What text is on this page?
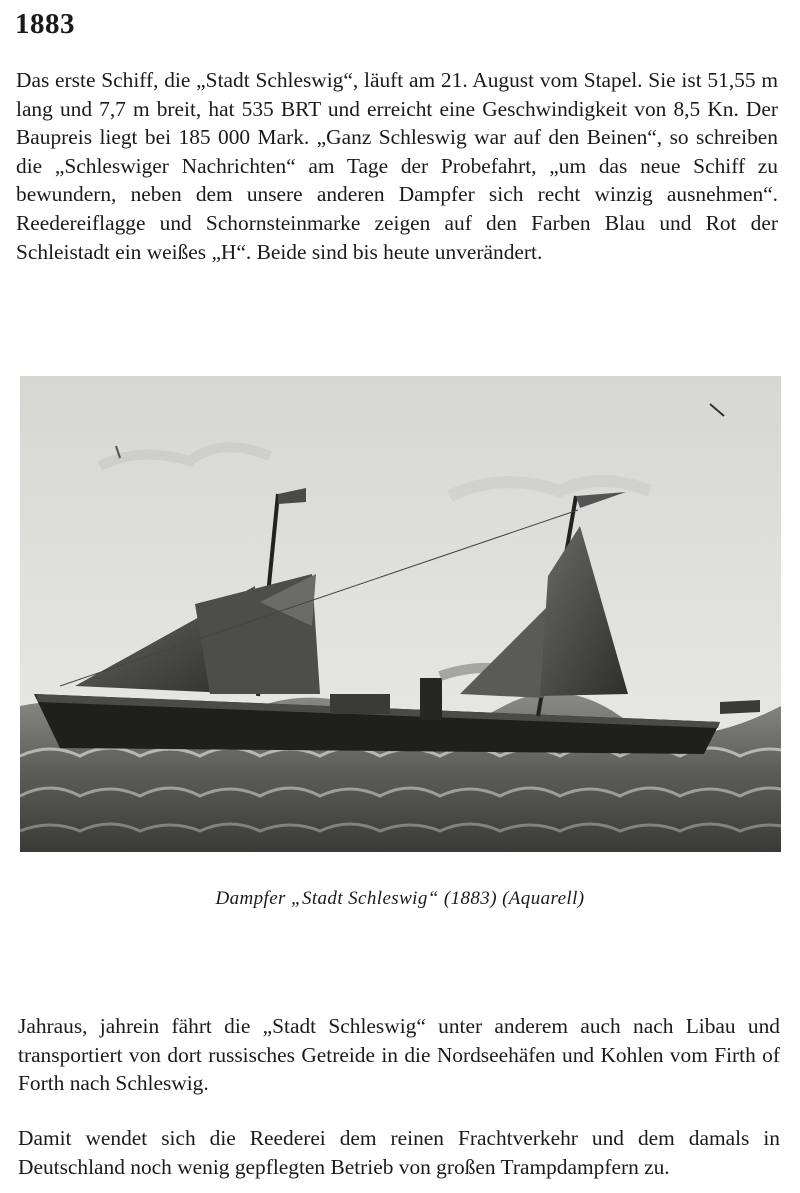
1883

Das erste Schiff, die „Stadt Schleswig“, läuft am 21. August vom Stapel. Sie ist 51,55 m lang und 7,7 m breit, hat 535 BRT und erreicht eine Geschwindigkeit von 8,5 Kn. Der Baupreis liegt bei 185 000 Mark. „Ganz Schleswig war auf den Beinen“, so schreiben die „Schleswiger Nachrichten“ am Tage der Probefahrt, „um das neue Schiff zu bewundern, neben dem unsere anderen Dampfer sich recht winzig ausnehmen“. Reedereiflagge und Schornsteinmarke zeigen auf den Farben Blau und Rot der Schleistadt ein weißes „H“. Beide sind bis heute unverändert.

Dampfer „Stadt Schleswig“ (1883) (Aquarell)

Jahraus, jahrein fährt die „Stadt Schleswig“ unter anderem auch nach Libau und transportiert von dort russisches Getreide in die Nordseehäfen und Kohlen vom Firth of Forth nach Schleswig.

Damit wendet sich die Reederei dem reinen Frachtverkehr und dem damals in Deutschland noch wenig gepflegten Betrieb von großen Trampdampfern zu.
